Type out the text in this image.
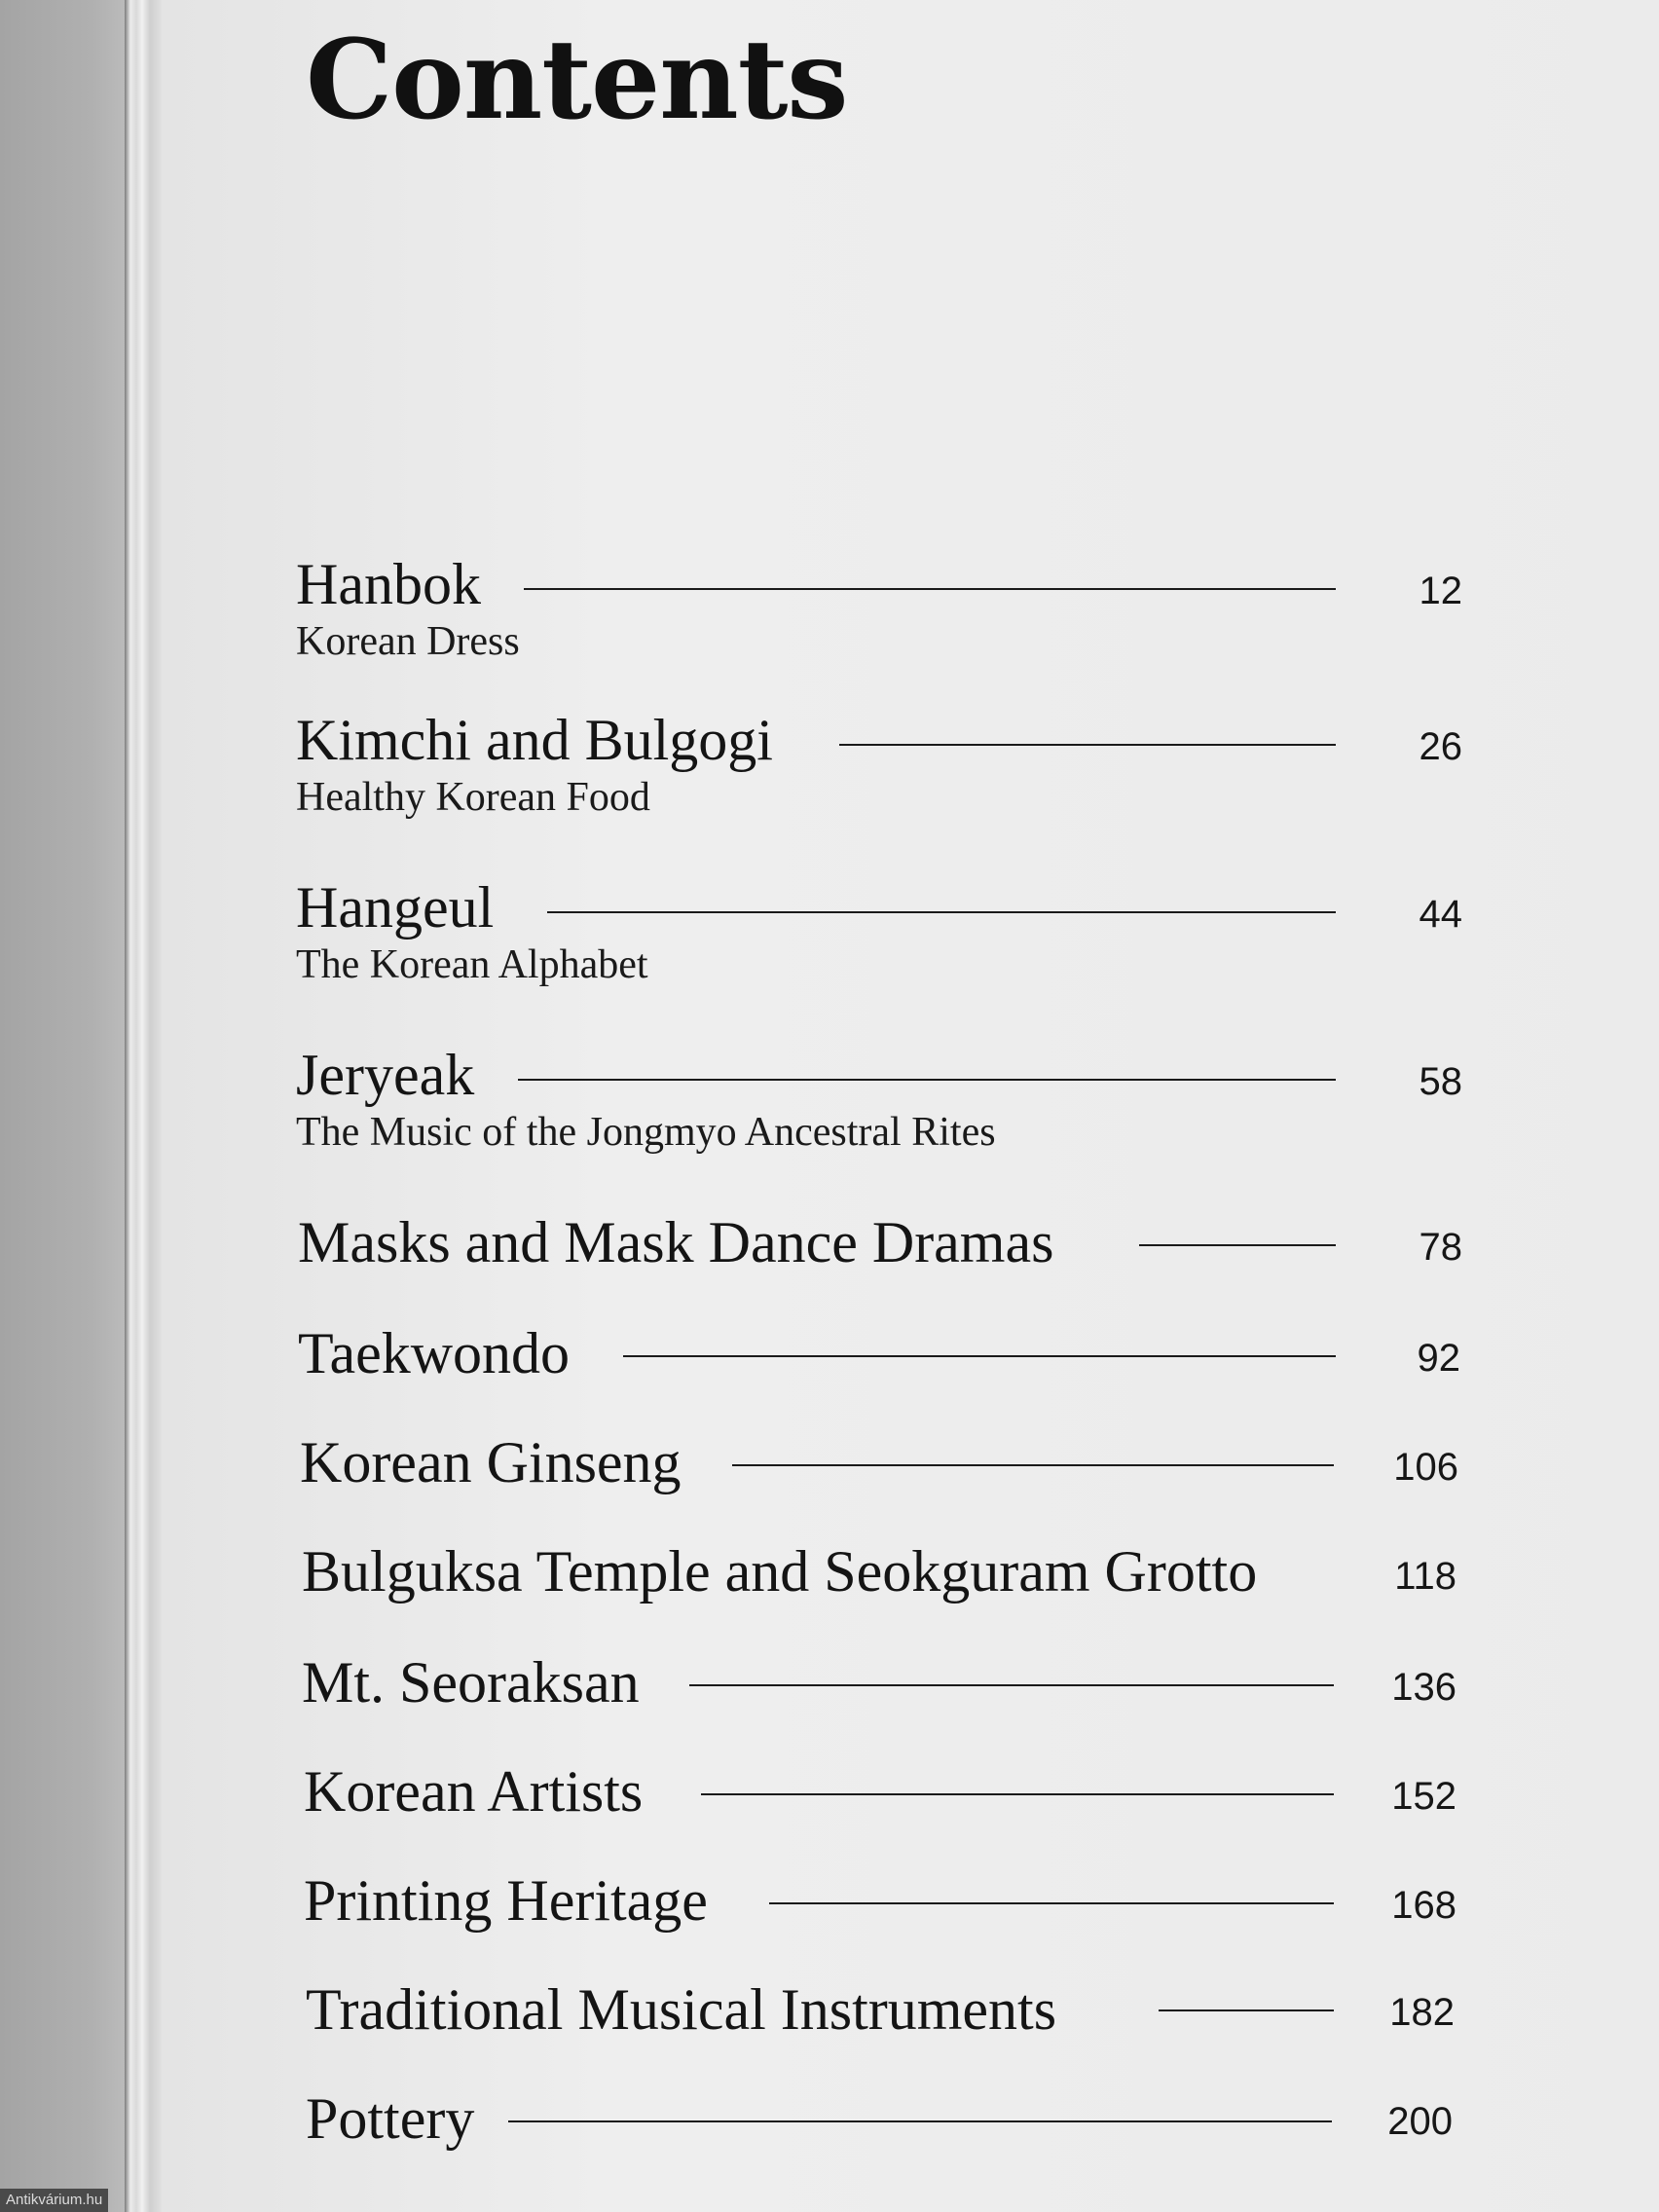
Contents
Hanbok	12
Korean Dress
Kimchi and Bulgogi	26
Healthy Korean Food
Hangeul	44
The Korean Alphabet
Jeryeak	58
The Music of the Jongmyo Ancestral Rites
Masks and Mask Dance Dramas	78
Taekwondo	92
Korean Ginseng	106
Bulguksa Temple and Seokguram Grotto	118
Mt. Seoraksan	136
Korean Artists	152
Printing Heritage	168
Traditional Musical Instruments	182
Pottery	200
Antikvárium.hu
